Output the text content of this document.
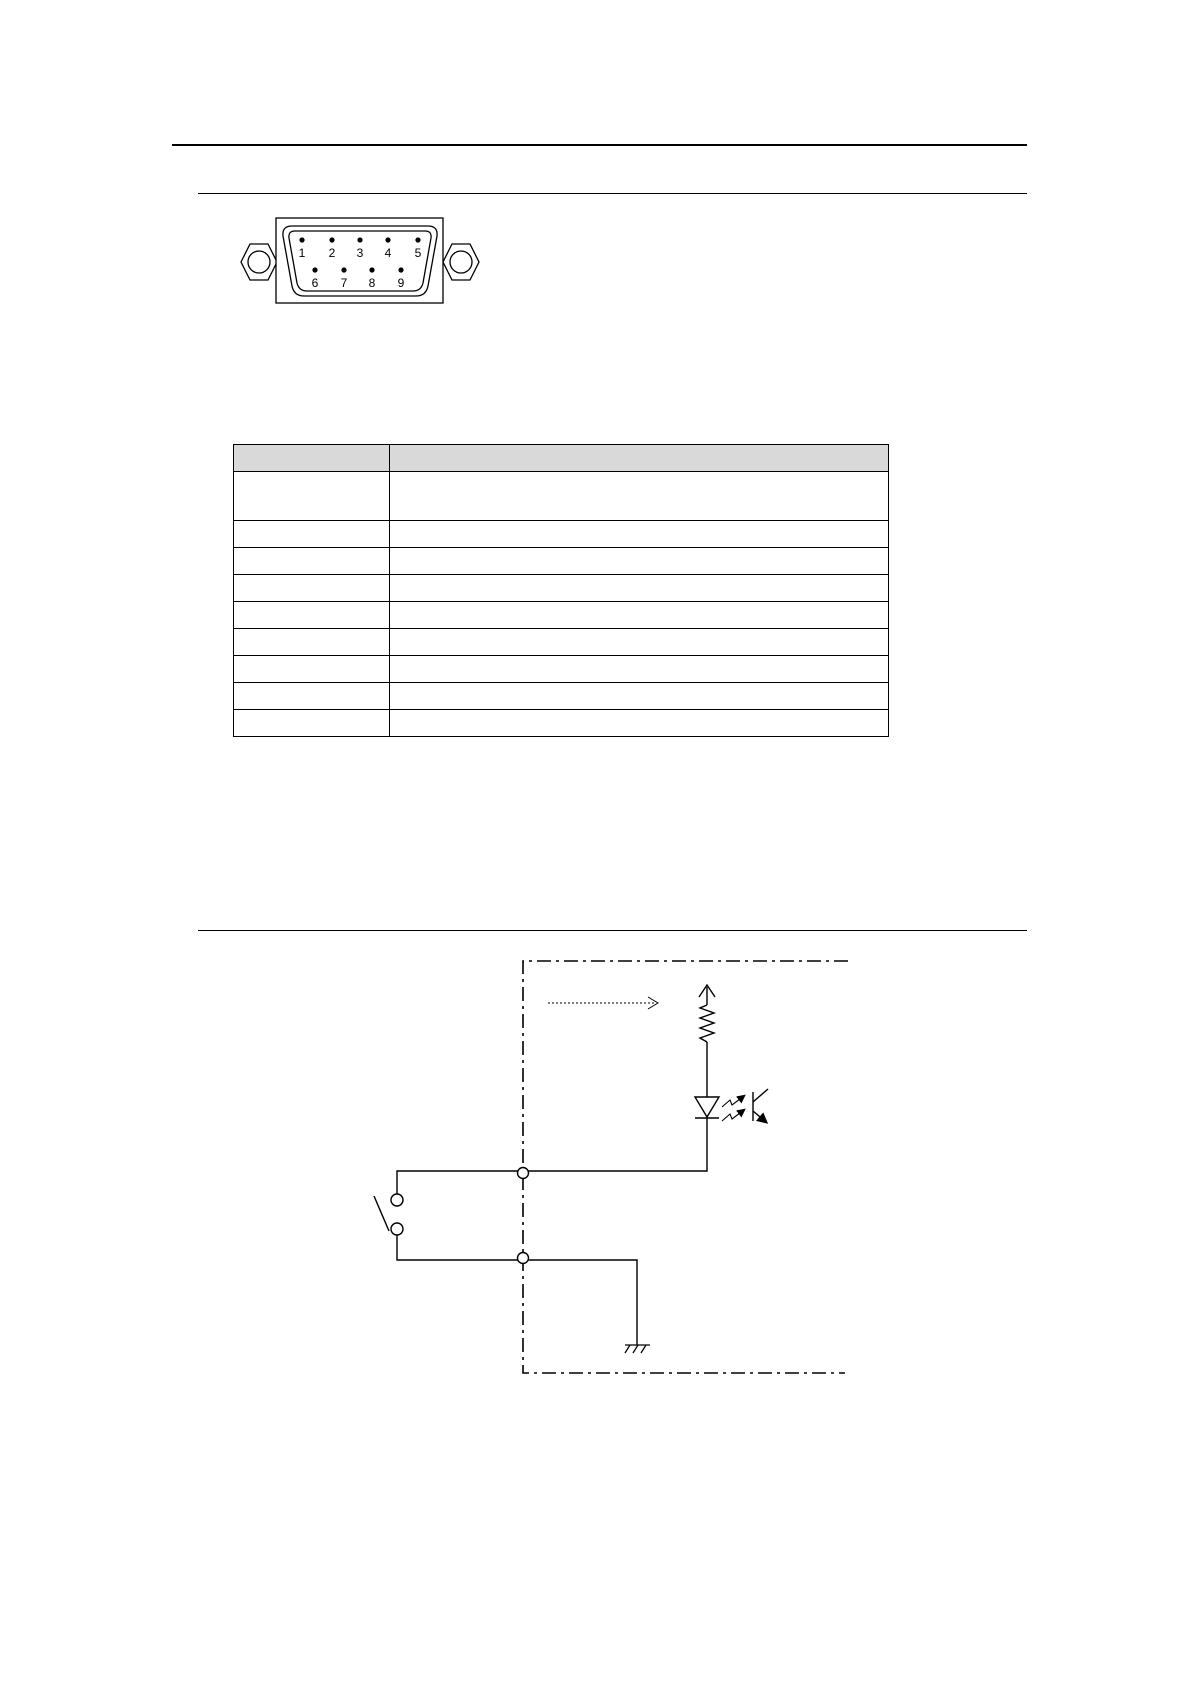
1 2 3 4 5
6 7 8 9
